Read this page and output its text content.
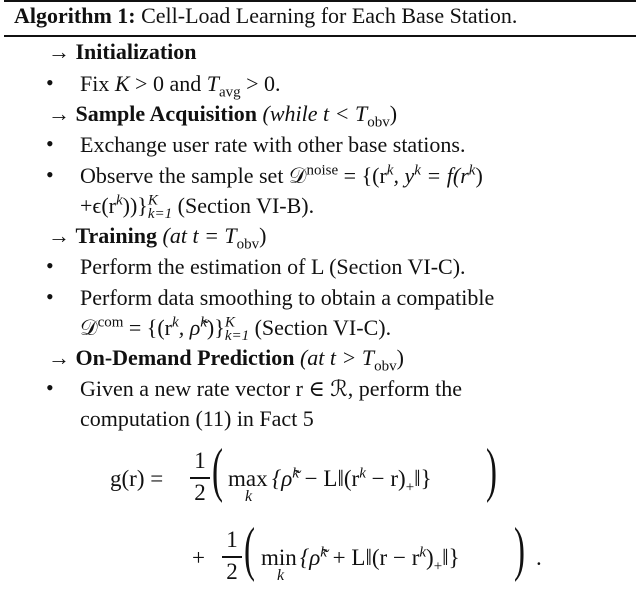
Algorithm 1: Cell-Load Learning for Each Base Station.
→ Initialization
• Fix K > 0 and $T_{avg} > 0$.
→ Sample Acquisition (while $t < T_{obv}$)
• Exchange user rate with other base stations.
• Observe the sample set 𝒟$^{noise}$ = {($r^k$, $y^k = f(r^k)$
$+\epsilon(r^k))\}^K_{k=1}$ (Section VI-B).
→ Training (at $t = T_{obv}$)
• Perform the estimation of L (Section VI-C).
• Perform data smoothing to obtain a compatible
𝒟$^{com}$ = {($r^k$, ρ̃$^k$)}$^K_{k=1}$ (Section VI-C).
→ On-Demand Prediction (at $t > T_{obv}$)
• Given a new rate vector r ∈ ℛ, perform the
computation (11) in Fact 5
g(r) =
1
2 ( max
k
{ρ̃$^k$ − $L‖(r^k$ − $r)_+‖$} )
+
1
2 ( min
k
{ρ̃$^k$ + L‖(r − $r^k)_+‖$} ) .
